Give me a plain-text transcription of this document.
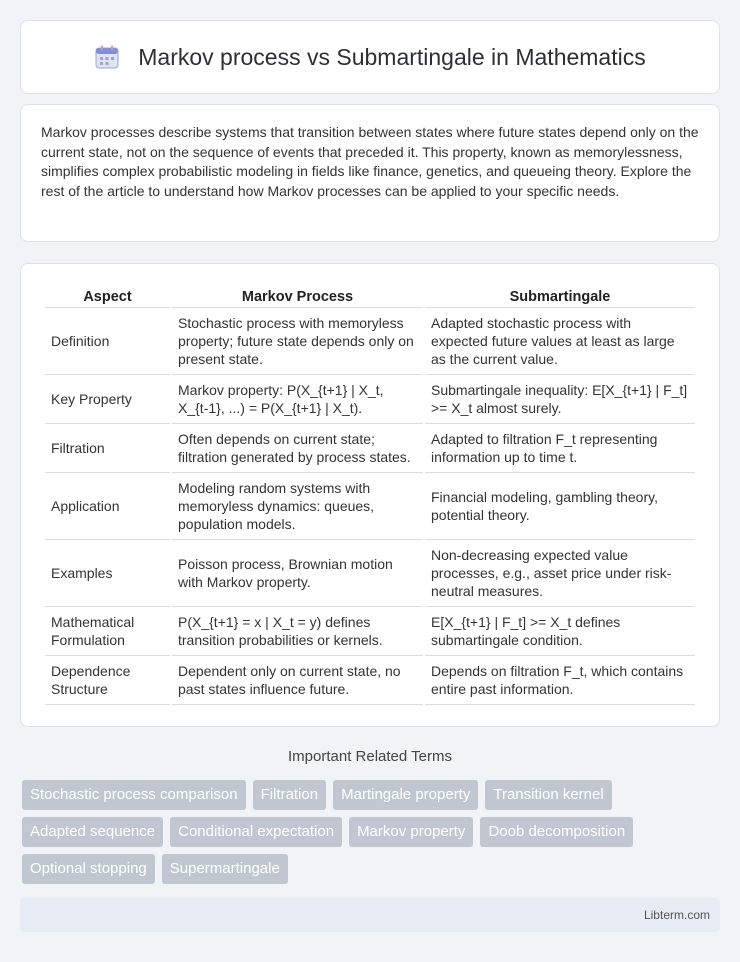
Markov process vs Submartingale in Mathematics

Markov processes describe systems that transition between states where future states depend only on the current state, not on the sequence of events that preceded it. This property, known as memorylessness, simplifies complex probabilistic modeling in fields like finance, genetics, and queueing theory. Explore the rest of the article to understand how Markov processes can be applied to your specific needs.

Aspect	Markov Process	Submartingale
Definition	Stochastic process with memoryless property; future state depends only on present state.	Adapted stochastic process with expected future values at least as large as the current value.
Key Property	Markov property: P(X_{t+1} | X_t, X_{t-1}, ...) = P(X_{t+1} | X_t).	Submartingale inequality: E[X_{t+1} | F_t] >= X_t almost surely.
Filtration	Often depends on current state; filtration generated by process states.	Adapted to filtration F_t representing information up to time t.
Application	Modeling random systems with memoryless dynamics: queues, population models.	Financial modeling, gambling theory, potential theory.
Examples	Poisson process, Brownian motion with Markov property.	Non-decreasing expected value processes, e.g., asset price under risk-neutral measures.
Mathematical Formulation	P(X_{t+1} = x | X_t = y) defines transition probabilities or kernels.	E[X_{t+1} | F_t] >= X_t defines submartingale condition.
Dependence Structure	Dependent only on current state, no past states influence future.	Depends on filtration F_t, which contains entire past information.
Important Related Terms
Stochastic process comparison	Filtration	Martingale property	Transition kernel
Adapted sequence	Conditional expectation	Markov property	Doob decomposition
Optional stopping	Supermartingale
Libterm.com
